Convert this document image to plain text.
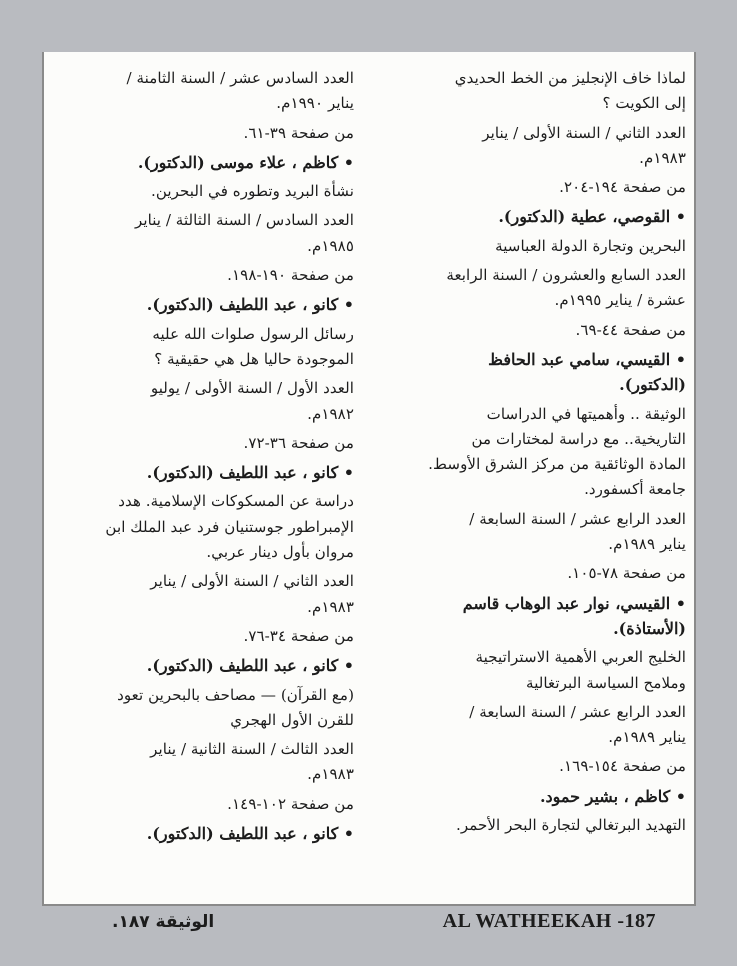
لماذا خاف الإنجليز من الخط الحديدي
إلى الكويت ؟
العدد الثاني / السنة الأولى / يناير
١٩٨٣م.
من صفحة ١٩٤-٢٠٤.
• القوصي، عطية (الدكتور).
البحرين وتجارة الدولة العباسية
العدد السابع والعشرون / السنة الرابعة
عشرة / يناير ١٩٩٥م.
من صفحة ٤٤-٦٩.
• القيسي، سامي عبد الحافظ
(الدكتور).
الوثيقة .. وأهميتها في الدراسات
التاريخية.. مع دراسة لمختارات من
المادة الوثائقية من مركز الشرق الأوسط.
جامعة أكسفورد.
العدد الرابع عشر / السنة السابعة /
يناير ١٩٨٩م.
من صفحة ٧٨-١٠٥.
• القيسي، نوار عبد الوهاب قاسم
(الأستاذة).
الخليج العربي الأهمية الاستراتيجية
وملامح السياسة البرتغالية
العدد الرابع عشر / السنة السابعة /
يناير ١٩٨٩م.
من صفحة ١٥٤-١٦٩.
• كاظم ، بشير حمود.
التهديد البرتغالي لتجارة البحر الأحمر.
العدد السادس عشر / السنة الثامنة /
يناير ١٩٩٠م.
من صفحة ٣٩-٦١.
• كاظم ، علاء موسى (الدكتور).
نشأة البريد وتطوره في البحرين.
العدد السادس / السنة الثالثة / يناير
١٩٨٥م.
من صفحة ١٩٠-١٩٨.
• كانو ، عبد اللطيف (الدكتور).
رسائل الرسول صلوات الله عليه
الموجودة حاليا هل هي حقيقية ؟
العدد الأول / السنة الأولى / يوليو
١٩٨٢م.
من صفحة ٣٦-٧٢.
• كانو ، عبد اللطيف (الدكتور).
دراسة عن المسكوكات الإسلامية. هدد
الإمبراطور جوستنيان فرد عبد الملك ابن
مروان بأول دينار عربي.
العدد الثاني / السنة الأولى / يناير
١٩٨٣م.
من صفحة ٣٤-٧٦.
• كانو ، عبد اللطيف (الدكتور).
(مع القرآن) — مصاحف بالبحرين تعود
للقرن الأول الهجري
العدد الثالث / السنة الثانية / يناير
١٩٨٣م.
من صفحة ١٠٢-١٤٩.
• كانو ، عبد اللطيف (الدكتور).
الوثيقة ١٨٧.	AL WATHEEKAH -187
